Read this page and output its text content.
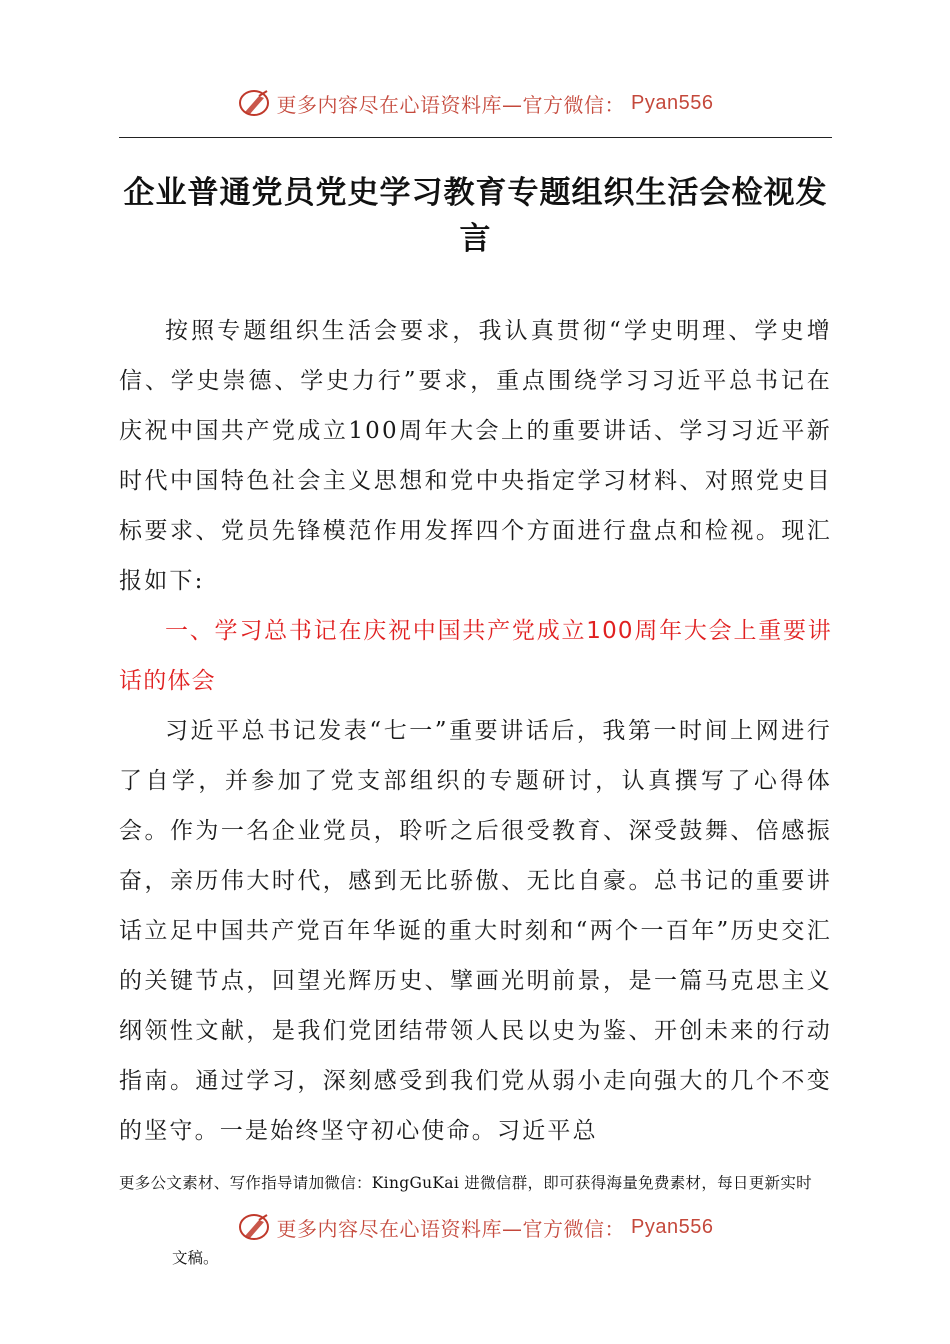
更多内容尽在心语资料库—官方微信： Pyan556
企业普通党员党史学习教育专题组织生活会检视发言

按照专题组织生活会要求，我认真贯彻“学史明理、学史增信、学史崇德、学史力行”要求，重点围绕学习习近平总书记在庆祝中国共产党成立100周年大会上的重要讲话、学习习近平新时代中国特色社会主义思想和党中央指定学习材料、对照党史目标要求、党员先锋模范作用发挥四个方面进行盘点和检视。现汇报如下:

一、学习总书记在庆祝中国共产党成立100周年大会上重要讲话的体会

习近平总书记发表“七一”重要讲话后，我第一时间上网进行了自学，并参加了党支部组织的专题研讨，认真撰写了心得体会。作为一名企业党员，聆听之后很受教育、深受鼓舞、倍感振奋，亲历伟大时代，感到无比骄傲、无比自豪。总书记的重要讲话立足中国共产党百年华诞的重大时刻和“两个一百年”历史交汇的关键节点，回望光辉历史、擘画光明前景，是一篇马克思主义纲领性文献，是我们党团结带领人民以史为鉴、开创未来的行动指南。通过学习，深刻感受到我们党从弱小走向强大的几个不变的坚守。一是始终坚守初心使命。习近平总

更多公文素材、写作指导请加微信：KingGuKai 进微信群，即可获得海量免费素材，每日更新实时
更多内容尽在心语资料库—官方微信： Pyan556
文稿。
